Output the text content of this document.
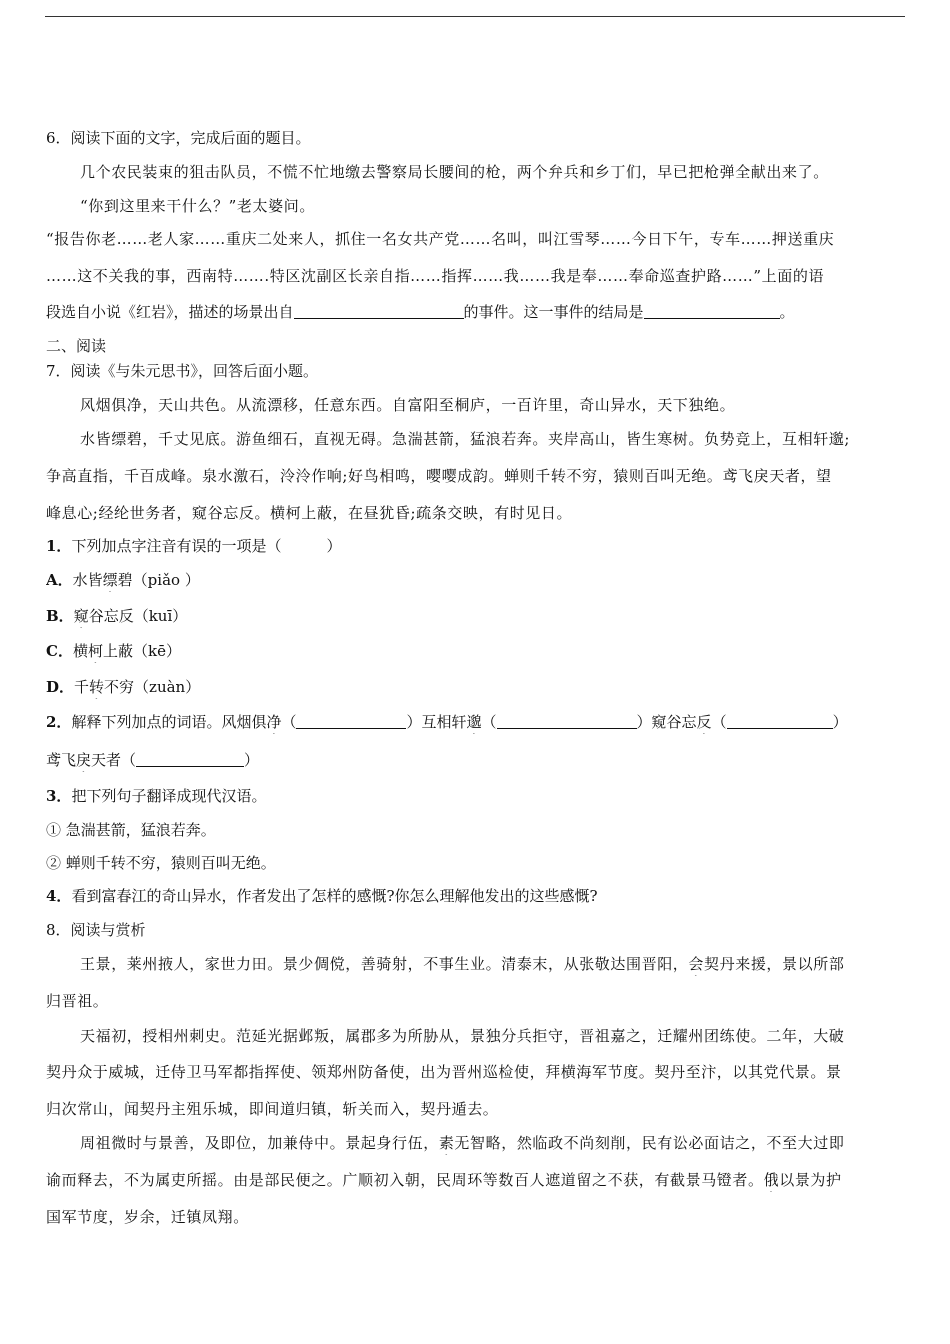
6．阅读下面的文字，完成后面的题目。
几个农民装束的狙击队员，不慌不忙地缴去警察局长腰间的枪，两个弁兵和乡丁们，早已把枪弹全献出来了。
“你到这里来干什么？”老太婆问。
“报告你老……老人家……重庆二处来人，抓住一名女共产党……名叫，叫江雪琴……今日下午，专车……押送重庆
……这不关我的事，西南特…….特区沈副区长亲自指……指挥……我……我是奉……奉命巡查护路……”上面的语
段选自小说《红岩》，描述的场景出自	的事件。这一事件的结局是	。
二、阅读
7．阅读《与朱元思书》，回答后面小题。
风烟俱净，天山共色。从流漂移，任意东西。自富阳至桐庐，一百许里，奇山异水，天下独绝。
水皆缥碧，千丈见底。游鱼细石，直视无碍。急湍甚箭，猛浪若奔。夹岸高山，皆生寒树。负势竞上，互相轩邈;
争高直指，千百成峰。泉水激石，泠泠作响;好鸟相鸣，嘤嘤成韵。蝉则千转不穷，猿则百叫无绝。鸢飞戾天者，望
峰息心;经纶世务者，窥谷忘反。横柯上蔽，在昼犹昏;疏条交映，有时见日。
1．下列加点字注音有误的一项是（　　　）
A．水皆缥碧（piǎo ）
B．窥谷忘反（kuī）
C．横柯上蔽（kē）
D．千转不穷（zuàn）
2．解释下列加点的词语。风烟俱净（	）互相轩邈（	）窥谷忘反（	）
鸢飞戾天者（	）
3．把下列句子翻译成现代汉语。
① 急湍甚箭，猛浪若奔。
② 蝉则千转不穷，猿则百叫无绝。
4．看到富春江的奇山异水，作者发出了怎样的感慨?你怎么理解他发出的这些感慨?
8．阅读与赏析
王景，莱州掖人，家世力田。景少倜傥，善骑射，不事生业。清泰末，从张敬达围晋阳，会契丹来援，景以所部
归晋祖。
天福初，授相州刺史。范延光据邺叛，属郡多为所胁从，景独分兵拒守，晋祖嘉之，迁耀州团练使。二年，大破
契丹众于威城，迁侍卫马军都指挥使、领郑州防备使，出为晋州巡检使，拜横海军节度。契丹至汴，以其党代景。景
归次常山，闻契丹主殂乐城，即间道归镇，斩关而入，契丹遁去。
周祖微时与景善，及即位，加兼侍中。景起身行伍，素无智略，然临政不尚刻削，民有讼必面诘之，不至大过即
谕而释去，不为属吏所摇。由是部民便之。广顺初入朝，民周环等数百人遮道留之不获，有截景马镫者。俄以景为护
国军节度，岁余，迁镇凤翔。
